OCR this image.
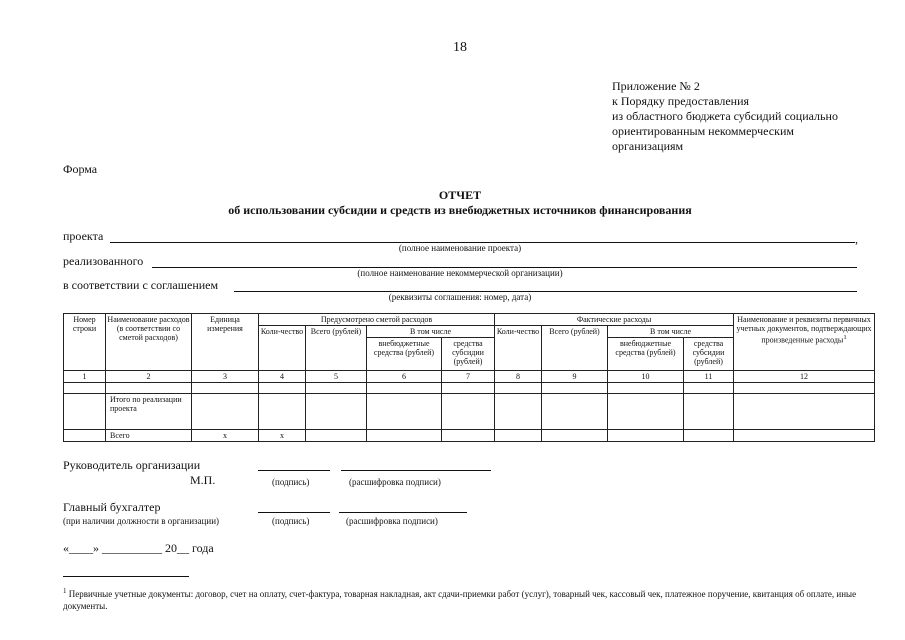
18
Приложение № 2
к Порядку предоставления
из областного бюджета субсидий социально
ориентированным некоммерческим
организациям
Форма
ОТЧЕТ
об использовании субсидии и средств из внебюджетных источников финансирования
проекта	,
(полное наименование проекта)
реализованного
(полное наименование некоммерческой организации)
в соответствии с соглашением
(реквизиты соглашения: номер, дата)
Номер строки	Наименование расходов (в соответствии со сметой расходов)	Единица измерения	Предусмотрено сметой расходов				Фактические расходы				Наименование и реквизиты первичных учетных документов, подтверждающих произведенные расходы$^1$
			Коли-чество	Всего (рублей)	В том числе		Коли-чество	Всего (рублей)	В том числе		
					внебюджетные средства (рублей)	средства субсидии (рублей)			внебюджетные средства (рублей)	средства субсидии (рублей)	
1	2	3	4	5	6	7	8	9	10	11	12

	Итого по реализации проекта										
	Всего	x	x								
Руководитель организации
М.П.	(подпись)	(расшифровка подписи)
Главный бухгалтер
(при наличии должности в организации)	(подпись)	(расшифровка подписи)
«____» __________ 20__ года
$^1$ Первичные учетные документы: договор, счет на оплату, счет-фактура, товарная накладная, акт сдачи-приемки работ (услуг), товарный чек, кассовый чек, платежное поручение, квитанция об оплате, иные документы.
